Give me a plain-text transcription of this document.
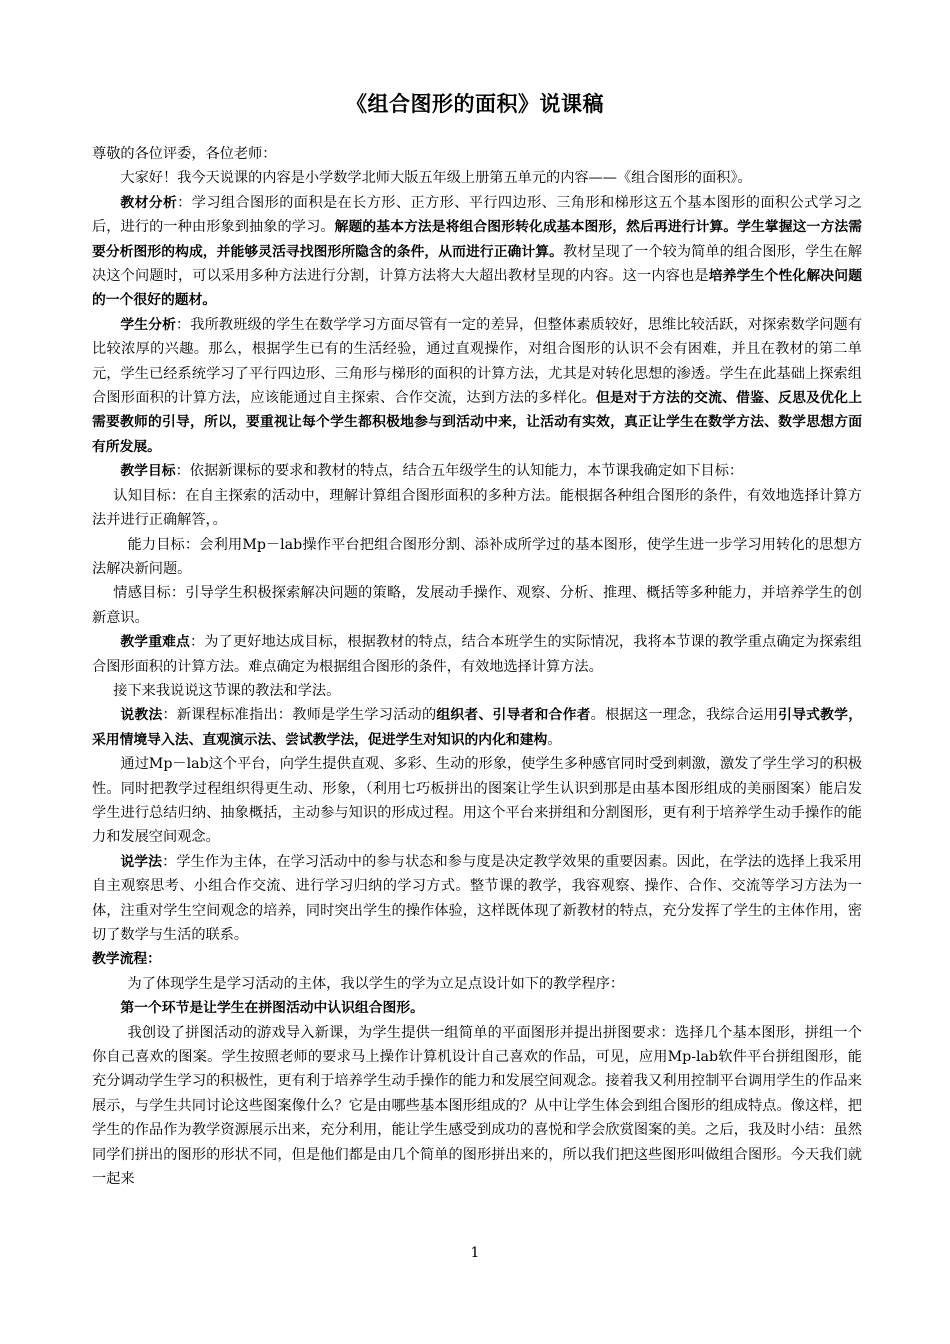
《组合图形的面积》说课稿

尊敬的各位评委，各位老师：

大家好！我今天说课的内容是小学数学北师大版五年级上册第五单元的内容——《组合图形的面积》。

教材分析：学习组合图形的面积是在长方形、正方形、平行四边形、三角形和梯形这五个基本图形的面积公式学习之后，进行的一种由形象到抽象的学习。解题的基本方法是将组合图形转化成基本图形，然后再进行计算。学生掌握这一方法需要分析图形的构成，并能够灵活寻找图形所隐含的条件，从而进行正确计算。教材呈现了一个较为简单的组合图形，学生在解决这个问题时，可以采用多种方法进行分割，计算方法将大大超出教材呈现的内容。这一内容也是培养学生个性化解决问题的一个很好的题材。

学生分析：我所教班级的学生在数学学习方面尽管有一定的差异，但整体素质较好，思维比较活跃，对探索数学问题有比较浓厚的兴趣。那么，根据学生已有的生活经验，通过直观操作，对组合图形的认识不会有困难，并且在教材的第二单元，学生已经系统学习了平行四边形、三角形与梯形的面积的计算方法，尤其是对转化思想的渗透。学生在此基础上探索组合图形面积的计算方法，应该能通过自主探索、合作交流，达到方法的多样化。但是对于方法的交流、借鉴、反思及优化上需要教师的引导，所以，要重视让每个学生都积极地参与到活动中来，让活动有实效，真正让学生在数学方法、数学思想方面有所发展。

教学目标：依据新课标的要求和教材的特点，结合五年级学生的认知能力，本节课我确定如下目标：

认知目标：在自主探索的活动中，理解计算组合图形面积的多种方法。能根据各种组合图形的条件，有效地选择计算方法并进行正确解答，。

能力目标：会利用Mp－lab操作平台把组合图形分割、添补成所学过的基本图形，使学生进一步学习用转化的思想方法解决新问题。

情感目标：引导学生积极探索解决问题的策略，发展动手操作、观察、分析、推理、概括等多种能力，并培养学生的创新意识。

教学重难点：为了更好地达成目标，根据教材的特点，结合本班学生的实际情况，我将本节课的教学重点确定为探索组合图形面积的计算方法。难点确定为根据组合图形的条件，有效地选择计算方法。

接下来我说说这节课的教法和学法。

说教法：新课程标准指出：教师是学生学习活动的组织者、引导者和合作者。根据这一理念，我综合运用引导式教学，采用情境导入法、直观演示法、尝试教学法，促进学生对知识的内化和建构。

通过Mp－lab这个平台，向学生提供直观、多彩、生动的形象，使学生多种感官同时受到刺激，激发了学生学习的积极性。同时把教学过程组织得更生动、形象，（利用七巧板拼出的图案让学生认识到那是由基本图形组成的美丽图案）能启发学生进行总结归纳、抽象概括，主动参与知识的形成过程。用这个平台来拼组和分割图形，更有利于培养学生动手操作的能力和发展空间观念。

说学法：学生作为主体，在学习活动中的参与状态和参与度是决定教学效果的重要因素。因此，在学法的选择上我采用自主观察思考、小组合作交流、进行学习归纳的学习方式。整节课的教学，我容观察、操作、合作、交流等学习方法为一体，注重对学生空间观念的培养，同时突出学生的操作体验，这样既体现了新教材的特点，充分发挥了学生的主体作用，密切了数学与生活的联系。

教学流程：

为了体现学生是学习活动的主体，我以学生的学为立足点设计如下的教学程序：

第一个环节是让学生在拼图活动中认识组合图形。

我创设了拼图活动的游戏导入新课，为学生提供一组简单的平面图形并提出拼图要求：选择几个基本图形，拼组一个你自己喜欢的图案。学生按照老师的要求马上操作计算机设计自己喜欢的作品，可见，应用Mp-lab软件平台拼组图形，能充分调动学生学习的积极性，更有利于培养学生动手操作的能力和发展空间观念。接着我又利用控制平台调用学生的作品来展示，与学生共同讨论这些图案像什么？它是由哪些基本图形组成的？从中让学生体会到组合图形的组成特点。像这样，把学生的作品作为教学资源展示出来，充分利用，能让学生感受到成功的喜悦和学会欣赏图案的美。之后，我及时小结：虽然同学们拼出的图形的形状不同，但是他们都是由几个简单的图形拼出来的，所以我们把这些图形叫做组合图形。今天我们就一起来

1
